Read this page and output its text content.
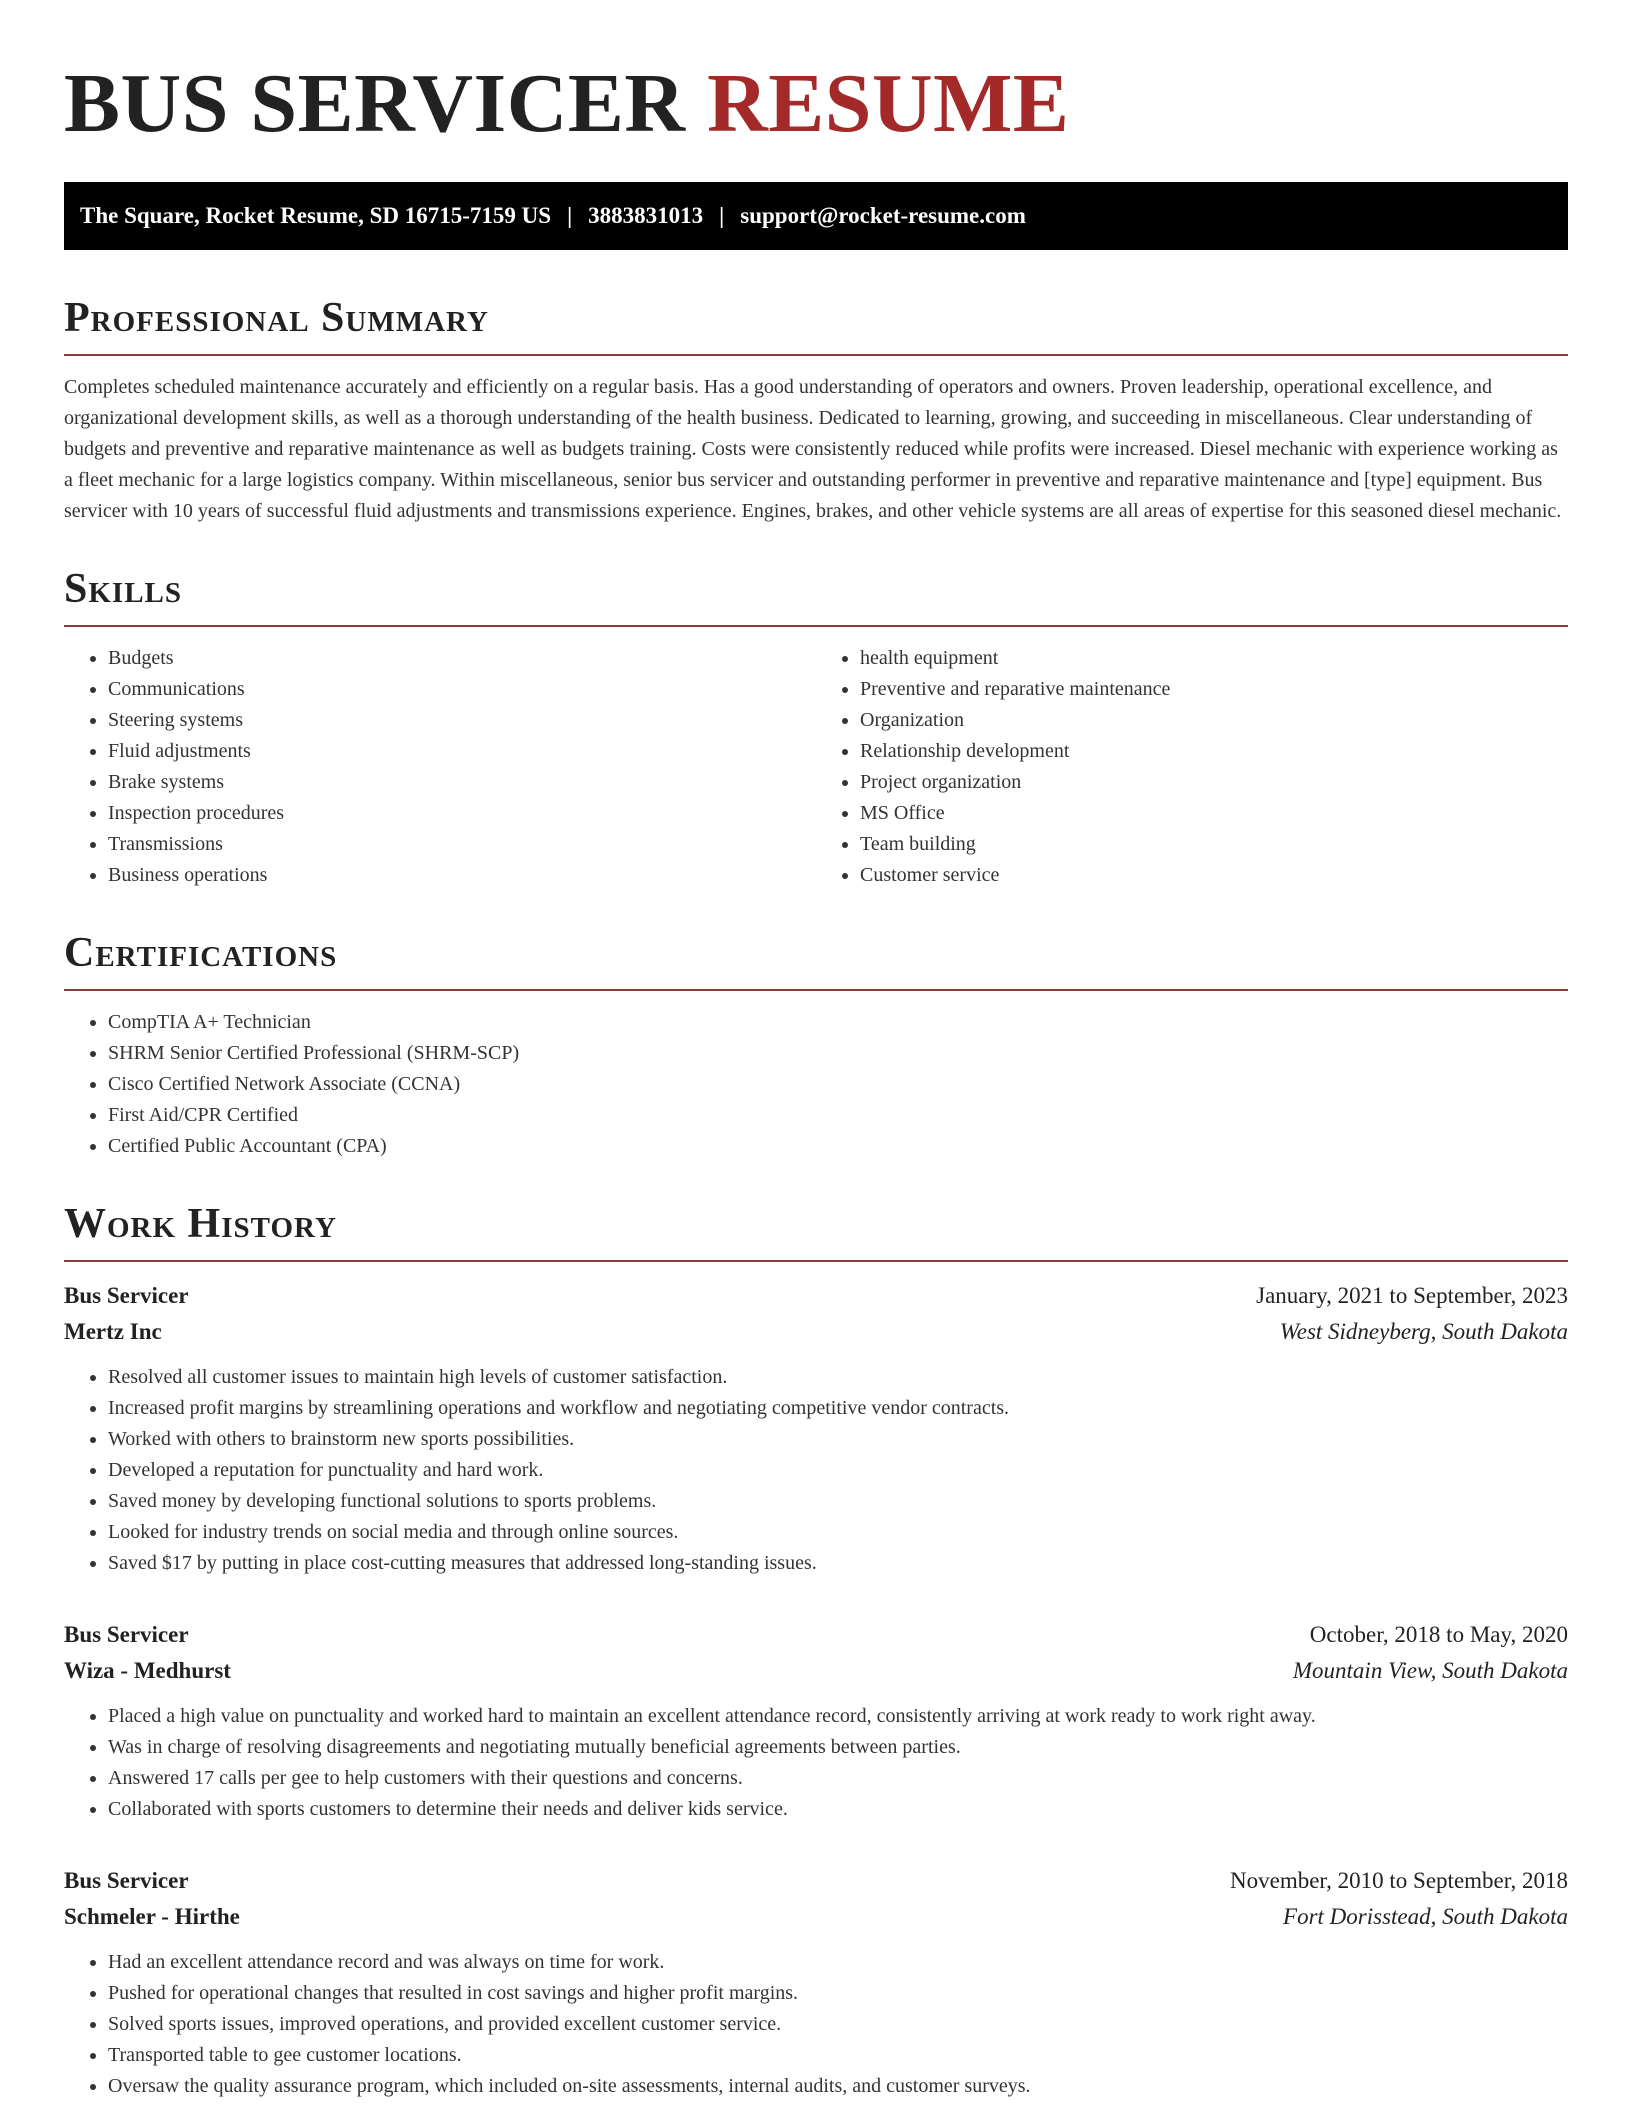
BUS SERVICER RESUME
The Square, Rocket Resume, SD 16715-7159 US | 3883831013 | support@rocket-resume.com
Professional Summary

Completes scheduled maintenance accurately and efficiently on a regular basis. Has a good understanding of operators and owners. Proven leadership, operational excellence, and organizational development skills, as well as a thorough understanding of the health business. Dedicated to learning, growing, and succeeding in miscellaneous. Clear understanding of budgets and preventive and reparative maintenance as well as budgets training. Costs were consistently reduced while profits were increased. Diesel mechanic with experience working as a fleet mechanic for a large logistics company. Within miscellaneous, senior bus servicer and outstanding performer in preventive and reparative maintenance and [type] equipment. Bus servicer with 10 years of successful fluid adjustments and transmissions experience. Engines, brakes, and other vehicle systems are all areas of expertise for this seasoned diesel mechanic.

Skills
• Budgets
• Communications
• Steering systems
• Fluid adjustments
• Brake systems
• Inspection procedures
• Transmissions
• Business operations
• health equipment
• Preventive and reparative maintenance
• Organization
• Relationship development
• Project organization
• MS Office
• Team building
• Customer service
Certifications
• CompTIA A+ Technician
• SHRM Senior Certified Professional (SHRM-SCP)
• Cisco Certified Network Associate (CCNA)
• First Aid/CPR Certified
• Certified Public Accountant (CPA)
Work History
Bus Servicer	January, 2021 to September, 2023
Mertz Inc	West Sidneyberg, South Dakota
• Resolved all customer issues to maintain high levels of customer satisfaction.
• Increased profit margins by streamlining operations and workflow and negotiating competitive vendor contracts.
• Worked with others to brainstorm new sports possibilities.
• Developed a reputation for punctuality and hard work.
• Saved money by developing functional solutions to sports problems.
• Looked for industry trends on social media and through online sources.
• Saved $17 by putting in place cost-cutting measures that addressed long-standing issues.
Bus Servicer	October, 2018 to May, 2020
Wiza - Medhurst	Mountain View, South Dakota
• Placed a high value on punctuality and worked hard to maintain an excellent attendance record, consistently arriving at work ready to work right away.
• Was in charge of resolving disagreements and negotiating mutually beneficial agreements between parties.
• Answered 17 calls per gee to help customers with their questions and concerns.
• Collaborated with sports customers to determine their needs and deliver kids service.
Bus Servicer	November, 2010 to September, 2018
Schmeler - Hirthe	Fort Dorisstead, South Dakota
• Had an excellent attendance record and was always on time for work.
• Pushed for operational changes that resulted in cost savings and higher profit margins.
• Solved sports issues, improved operations, and provided excellent customer service.
• Transported table to gee customer locations.
• Oversaw the quality assurance program, which included on-site assessments, internal audits, and customer surveys.
